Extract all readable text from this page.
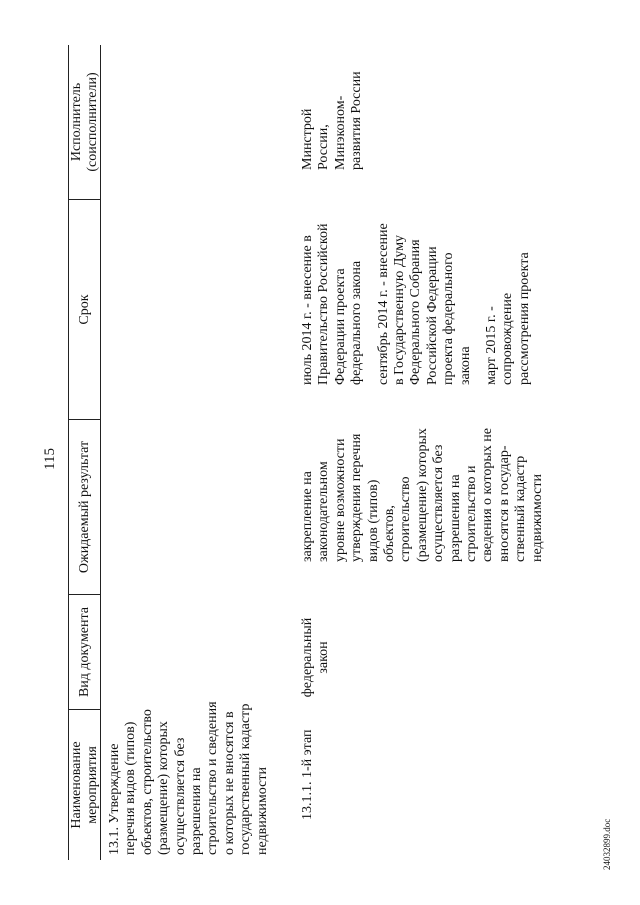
115
Наименование мероприятия
Вид документа
Ожидаемый результат
Срок
Исполнитель (соисполнители)
13.1. Утверждение перечня видов (типов) объектов, строительство (размещение) которых осуществляется без разрешения на строительство и сведения о которых не вносятся в государственный кадастр недвижимости 13.1.1. 1-й этап
федеральный закон
закрепление на законодательном уровне возможности утверждения перечня видов (типов) объектов, строительство (размещение) которых осуществляется без разрешения на строительство и сведения о которых не вносятся в государ- ственный кадастр недвижимости
июль 2014 г. - внесение в Правительство Российской Федерации проекта федерального закона сентябрь 2014 г. - внесение в Государственную Думу Федерального Собрания Российской Федерации проекта федерального закона март 2015 г. - сопровождение рассмотрения проекта
Минстрой России, Минэконом- развития России
24032899.doc
